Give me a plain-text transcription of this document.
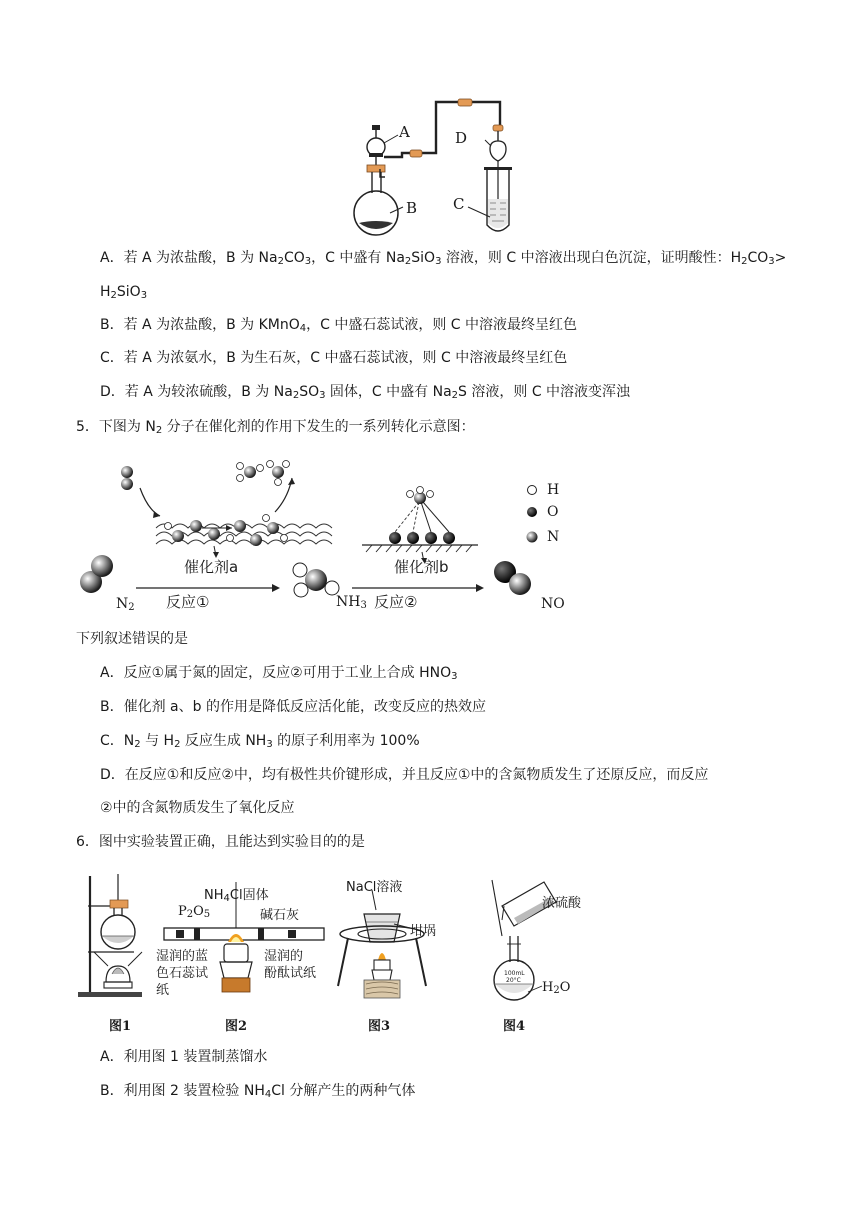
A
B C
D
A．若 A 为浓盐酸，B 为 $Na_2CO_3$，C 中盛有 $Na_2SiO_3$ 溶液，则 C 中溶液出现白色沉淀，证明酸性：$H_2CO_3>$
$H_2SiO_3$
B．若 A 为浓盐酸，B 为 KMnO$_4$，C 中盛石蕊试液，则 C 中溶液最终呈红色
C．若 A 为浓氨水，B 为生石灰，C 中盛石蕊试液，则 C 中溶液最终呈红色
D．若 A 为较浓硫酸，B 为 $Na_2SO_3$ 固体，C 中盛有 $Na_2S$ 溶液，则 C 中溶液变浑浊
5．下图为 $N_2$ 分子在催化剂的作用下发生的一系列转化示意图：
催化剂a
反应①
催化剂b
反应②
$N_2$	$NH_3$	NO
H
O
N
下列叙述错误的是
A．反应①属于氮的固定，反应②可用于工业上合成 $HNO_3$
B．催化剂 a、b 的作用是降低反应活化能，改变反应的热效应
C．$N_2$ 与 $H_2$ 反应生成 $NH_3$ 的原子利用率为 100%
D．在反应①和反应②中，均有极性共价键形成，并且反应①中的含氮物质发生了还原反应，而反应
②中的含氮物质发生了氧化反应
6．图中实验装置正确，且能达到实验目的的是
图1
$P_2O_5$
$NH_4Cl$固体
碱石灰
湿润的蓝
色石蕊试
纸
湿润的
酚酞试纸
图2
NaCl溶液
坩埚
图3
浓硫酸
100mL
20°C $H_2O$
图4
A．利用图 1 装置制蒸馏水
B．利用图 2 装置检验 $NH_4Cl$ 分解产生的两种气体
